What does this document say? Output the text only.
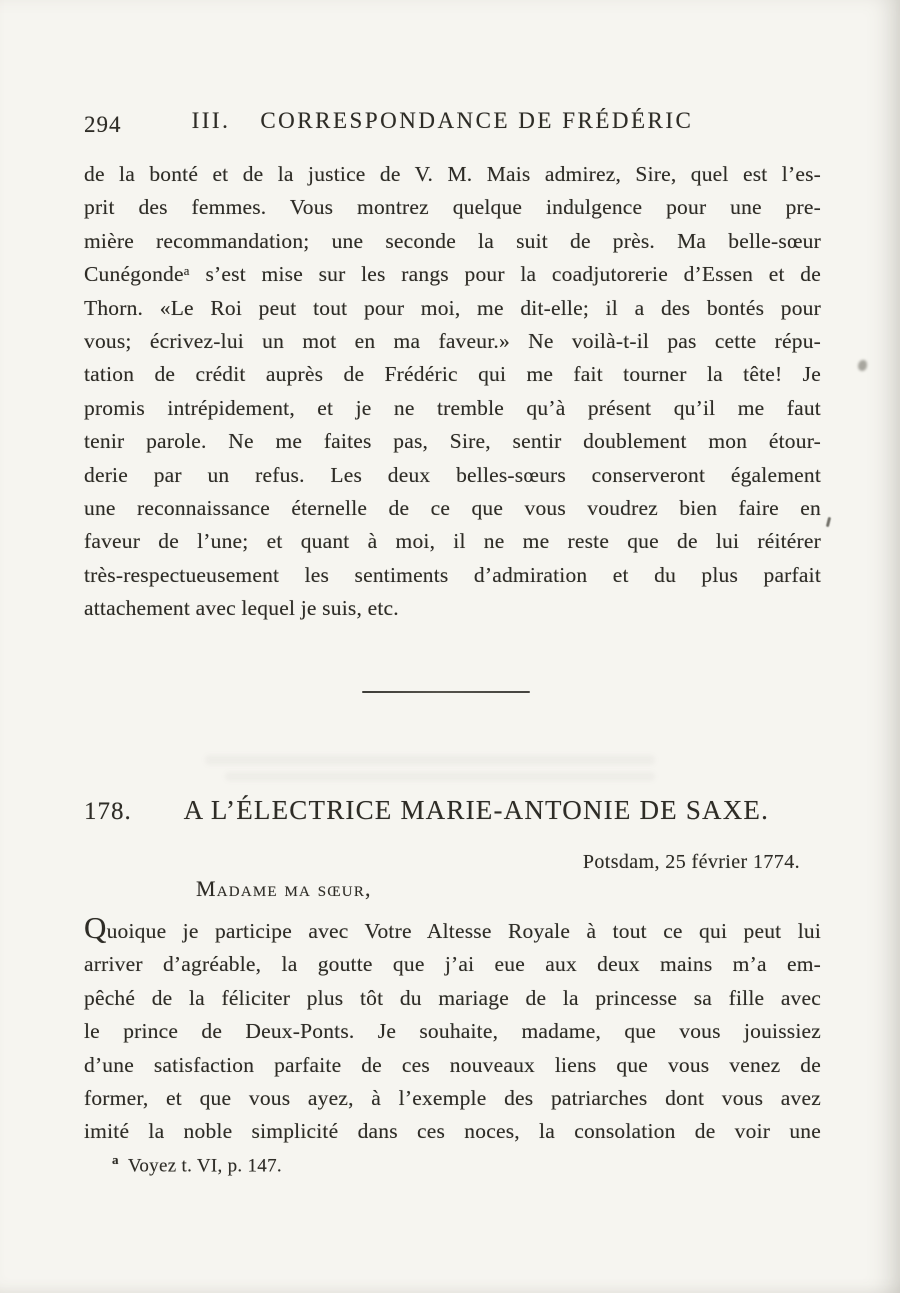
294	III. CORRESPONDANCE DE FRÉDÉRIC
de la bonté et de la justice de V. M. Mais admirez, Sire, quel est l’es-
prit des femmes. Vous montrez quelque indulgence pour une pre-
mière recommandation; une seconde la suit de près. Ma belle-sœur
Cunégondeᵃ s’est mise sur les rangs pour la coadjutorerie d’Essen et de
Thorn. «Le Roi peut tout pour moi, me dit-elle; il a des bontés pour
vous; écrivez-lui un mot en ma faveur.» Ne voilà-t-il pas cette répu-
tation de crédit auprès de Frédéric qui me fait tourner la tête! Je
promis intrépidement, et je ne tremble qu’à présent qu’il me faut
tenir parole. Ne me faites pas, Sire, sentir doublement mon étour-
derie par un refus. Les deux belles-sœurs conserveront également
une reconnaissance éternelle de ce que vous voudrez bien faire en
faveur de l’une; et quant à moi, il ne me reste que de lui réitérer
très-respectueusement les sentiments d’admiration et du plus parfait
attachement avec lequel je suis, etc.
178.	A L’ÉLECTRICE MARIE-ANTONIE DE SAXE.
Potsdam, 25 février 1774.
Madame ma sœur,
Quoique je participe avec Votre Altesse Royale à tout ce qui peut lui
arriver d’agréable, la goutte que j’ai eue aux deux mains m’a em-
pêché de la féliciter plus tôt du mariage de la princesse sa fille avec
le prince de Deux-Ponts. Je souhaite, madame, que vous jouissiez
d’une satisfaction parfaite de ces nouveaux liens que vous venez de
former, et que vous ayez, à l’exemple des patriarches dont vous avez
imité la noble simplicité dans ces noces, la consolation de voir une
$^a$ Voyez t. VI, p. 147.
